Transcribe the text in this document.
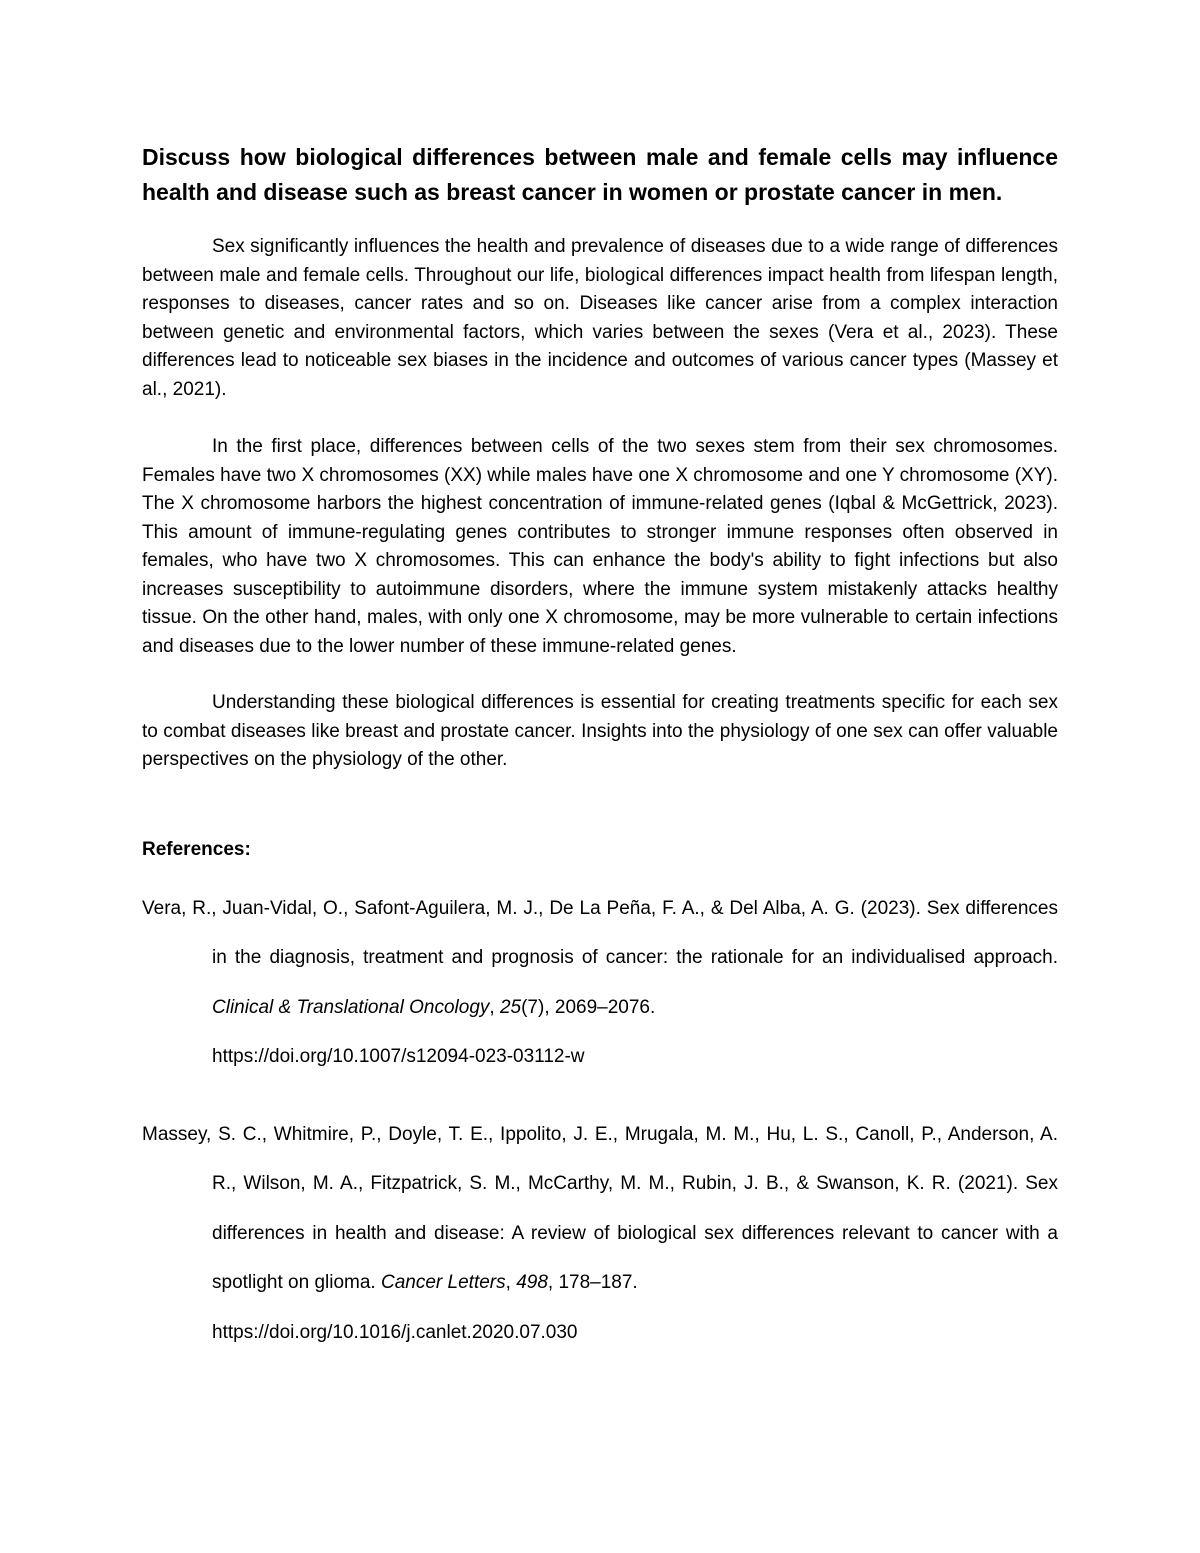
Discuss how biological differences between male and female cells may influence health and disease such as breast cancer in women or prostate cancer in men.

Sex significantly influences the health and prevalence of diseases due to a wide range of differences between male and female cells. Throughout our life, biological differences impact health from lifespan length, responses to diseases, cancer rates and so on. Diseases like cancer arise from a complex interaction between genetic and environmental factors, which varies between the sexes (Vera et al., 2023). These differences lead to noticeable sex biases in the incidence and outcomes of various cancer types (Massey et al., 2021).

In the first place, differences between cells of the two sexes stem from their sex chromosomes. Females have two X chromosomes (XX) while males have one X chromosome and one Y chromosome (XY). The X chromosome harbors the highest concentration of immune-related genes (Iqbal & McGettrick, 2023). This amount of immune-regulating genes contributes to stronger immune responses often observed in females, who have two X chromosomes. This can enhance the body's ability to fight infections but also increases susceptibility to autoimmune disorders, where the immune system mistakenly attacks healthy tissue. On the other hand, males, with only one X chromosome, may be more vulnerable to certain infections and diseases due to the lower number of these immune-related genes.

Understanding these biological differences is essential for creating treatments specific for each sex to combat diseases like breast and prostate cancer. Insights into the physiology of one sex can offer valuable perspectives on the physiology of the other.

References:

Vera, R., Juan-Vidal, O., Safont-Aguilera, M. J., De La Peña, F. A., & Del Alba, A. G. (2023). Sex differences in the diagnosis, treatment and prognosis of cancer: the rationale for an individualised approach. Clinical & Translational Oncology, 25(7), 2069–2076.
https://doi.org/10.1007/s12094-023-03112-w

Massey, S. C., Whitmire, P., Doyle, T. E., Ippolito, J. E., Mrugala, M. M., Hu, L. S., Canoll, P., Anderson, A. R., Wilson, M. A., Fitzpatrick, S. M., McCarthy, M. M., Rubin, J. B., & Swanson, K. R. (2021). Sex differences in health and disease: A review of biological sex differences relevant to cancer with a spotlight on glioma. Cancer Letters, 498, 178–187.
https://doi.org/10.1016/j.canlet.2020.07.030
